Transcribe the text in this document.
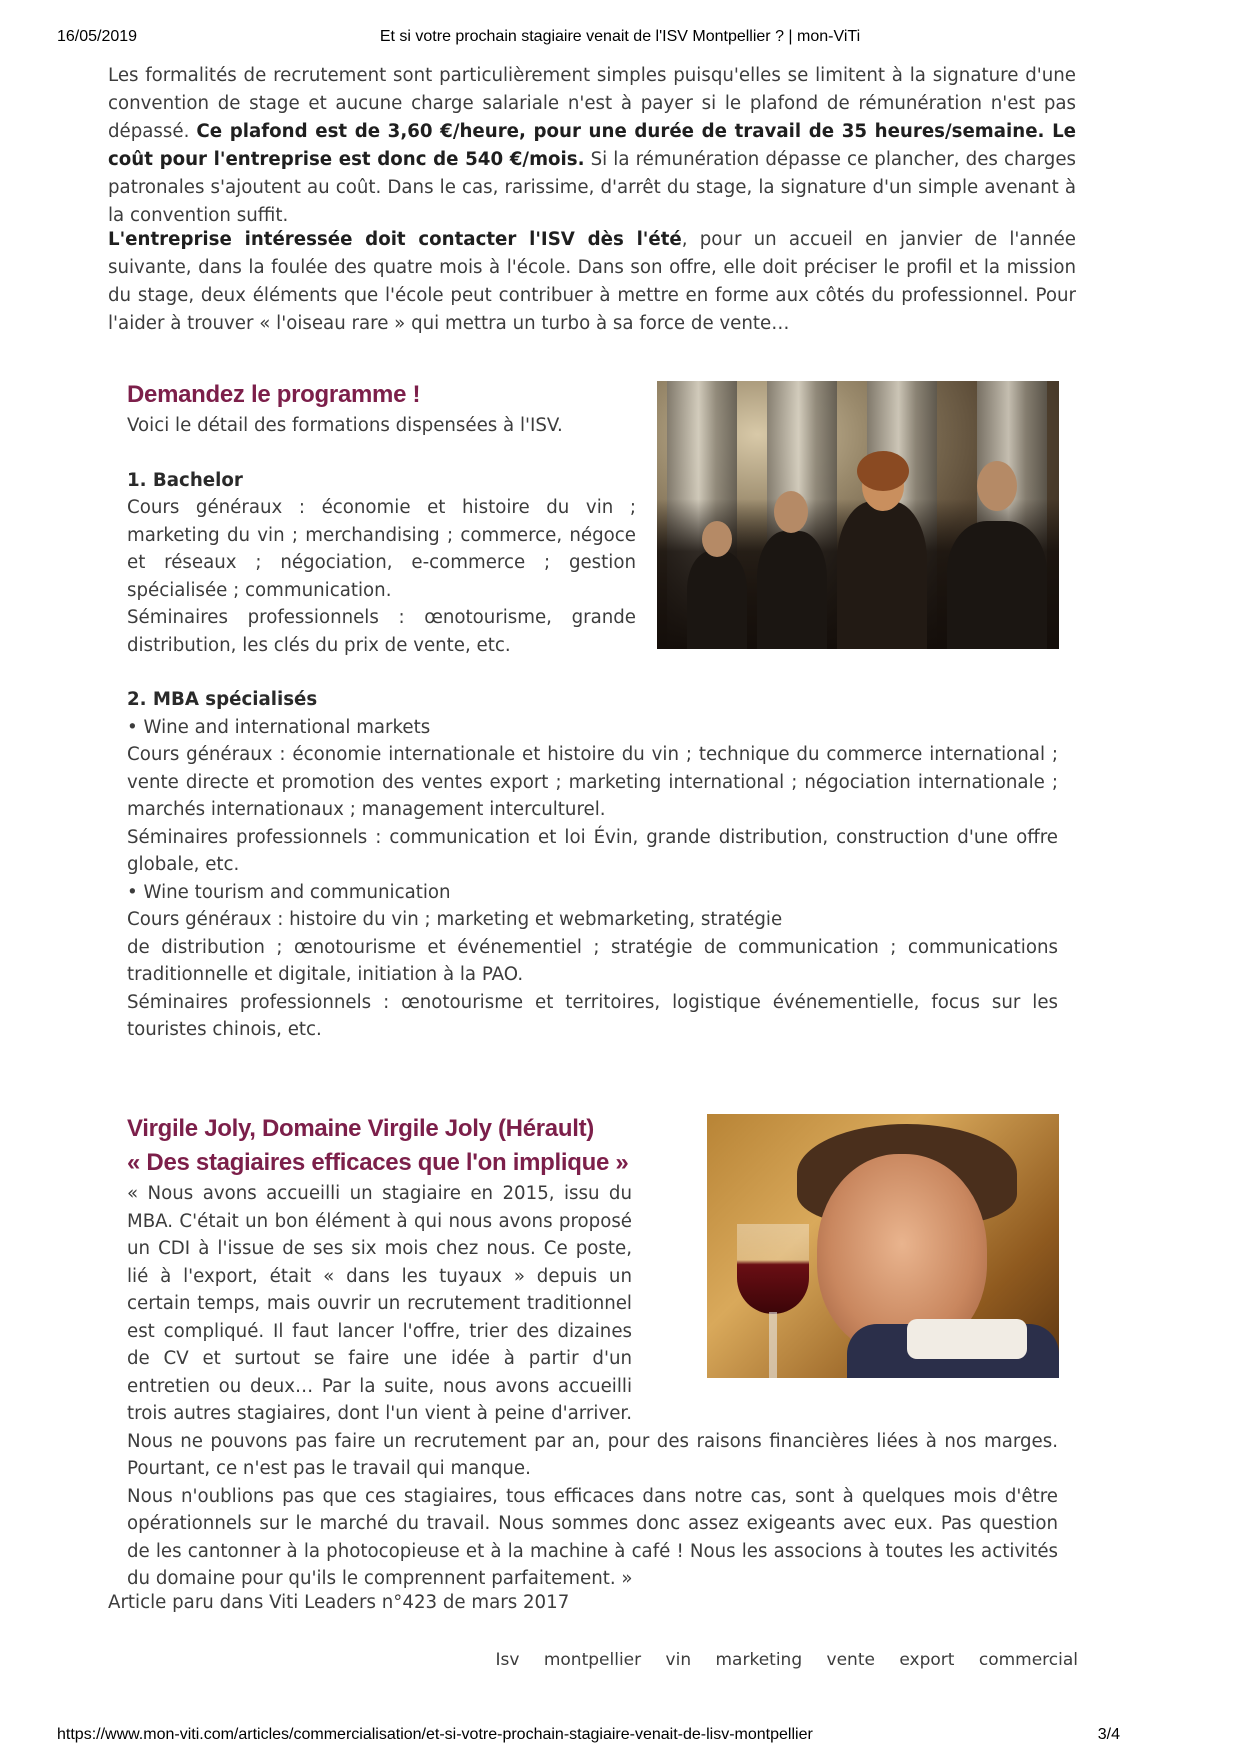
16/05/2019	Et si votre prochain stagiaire venait de l'ISV Montpellier ? | mon-ViTi
Les formalités de recrutement sont particulièrement simples puisqu'elles se limitent à la signature d'une convention de stage et aucune charge salariale n'est à payer si le plafond de rémunération n'est pas dépassé. Ce plafond est de 3,60 €/heure, pour une durée de travail de 35 heures/semaine. Le coût pour l'entreprise est donc de 540 €/mois. Si la rémunération dépasse ce plancher, des charges patronales s'ajoutent au coût. Dans le cas, rarissime, d'arrêt du stage, la signature d'un simple avenant à la convention suffit.
L'entreprise intéressée doit contacter l'ISV dès l'été, pour un accueil en janvier de l'année suivante, dans la foulée des quatre mois à l'école. Dans son offre, elle doit préciser le profil et la mission du stage, deux éléments que l'école peut contribuer à mettre en forme aux côtés du professionnel. Pour l'aider à trouver « l'oiseau rare » qui mettra un turbo à sa force de vente…
Demandez le programme !

Voici le détail des formations dispensées à l'ISV.

1. Bachelor

Cours généraux : économie et histoire du vin ; marketing du vin ; merchandising ; commerce, négoce et réseaux ; négociation, e-commerce ; gestion spécialisée ; communication.

Séminaires professionnels : œnotourisme, grande distribution, les clés du prix de vente, etc.

2. MBA spécialisés

• Wine and international markets

Cours généraux : économie internationale et histoire du vin ; technique du commerce international ; vente directe et promotion des ventes export ; marketing international ; négociation internationale ; marchés internationaux ; management interculturel.

Séminaires professionnels : communication et loi Évin, grande distribution, construction d'une offre globale, etc.

• Wine tourism and communication

Cours généraux : histoire du vin ; marketing et webmarketing, stratégie

de distribution ; œnotourisme et événementiel ; stratégie de communication ; communications traditionnelle et digitale, initiation à la PAO.

Séminaires professionnels : œnotourisme et territoires, logistique événementielle, focus sur les touristes chinois, etc.

Virgile Joly, Domaine Virgile Joly (Hérault)
« Des stagiaires efficaces que l'on implique »
« Nous avons accueilli un stagiaire en 2015, issu du MBA. C'était un bon élément à qui nous avons proposé un CDI à l'issue de ses six mois chez nous. Ce poste, lié à l'export, était « dans les tuyaux » depuis un certain temps, mais ouvrir un recrutement traditionnel est compliqué. Il faut lancer l'offre, trier des dizaines de CV et surtout se faire une idée à partir d'un entretien ou deux… Par la suite, nous avons accueilli trois autres stagiaires, dont l'un vient à peine d'arriver. Nous ne pouvons pas faire un recrutement par an, pour des raisons financières liées à nos marges. Pourtant, ce n'est pas le travail qui manque.

Nous n'oublions pas que ces stagiaires, tous efficaces dans notre cas, sont à quelques mois d'être opérationnels sur le marché du travail. Nous sommes donc assez exigeants avec eux. Pas question de les cantonner à la photocopieuse et à la machine à café ! Nous les associons à toutes les activités du domaine pour qu'ils le comprennent parfaitement. »

Article paru dans Viti Leaders n°423 de mars 2017
Isv montpellier vin marketing vente export commercial
https://www.mon-viti.com/articles/commercialisation/et-si-votre-prochain-stagiaire-venait-de-lisv-montpellier	3/4
